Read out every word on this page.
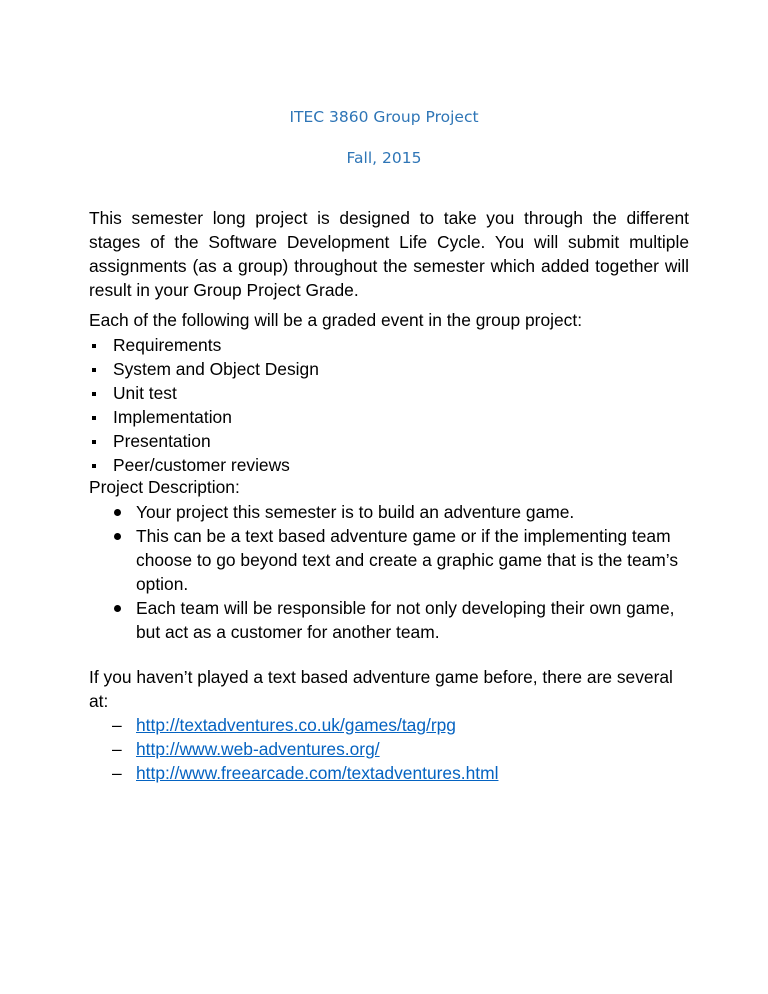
ITEC 3860 Group Project
Fall, 2015
This semester long project is designed to take you through the different stages of the Software Development Life Cycle. You will submit multiple assignments (as a group) throughout the semester which added together will result in your Group Project Grade.
Each of the following will be a graded event in the group project:
Requirements
System and Object Design
Unit test
Implementation
Presentation
Peer/customer reviews
Project Description:
Your project this semester is to build an adventure game.
This can be a text based adventure game or if the implementing team choose to go beyond text and create a graphic game that is the team’s option.
Each team will be responsible for not only developing their own game, but act as a customer for another team.
If you haven’t played a text based adventure game before, there are several at:
– http://textadventures.co.uk/games/tag/rpg
– http://www.web-adventures.org/
– http://www.freearcade.com/textadventures.html
